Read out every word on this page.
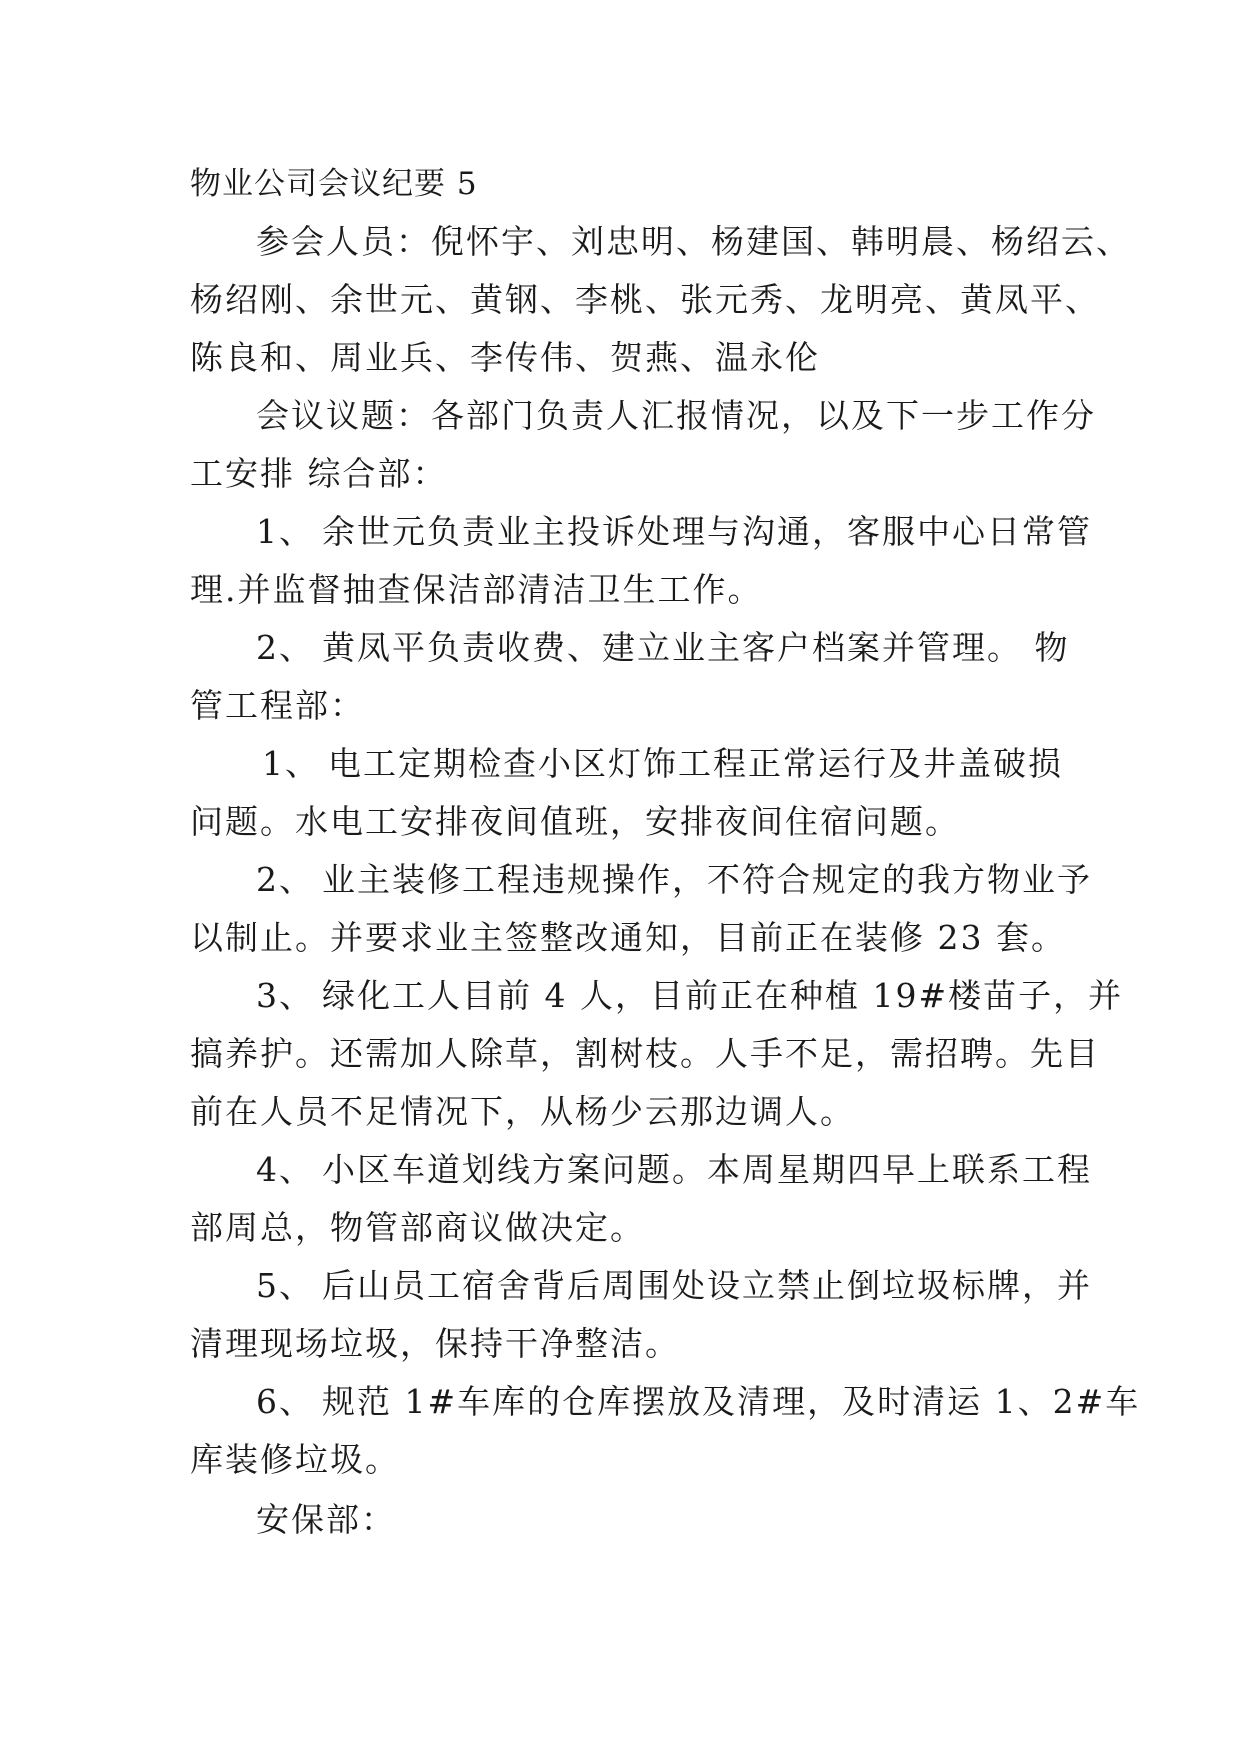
物业公司会议纪要 5
参会人员：倪怀宇、刘忠明、杨建国、韩明晨、杨绍云、
杨绍刚、余世元、黄钢、李桃、张元秀、龙明亮、黄凤平、
陈良和、周业兵、李传伟、贺燕、温永伦
会议议题：各部门负责人汇报情况，以及下一步工作分
工安排 综合部：
1、 余世元负责业主投诉处理与沟通，客服中心日常管
理.并监督抽查保洁部清洁卫生工作。
2、 黄凤平负责收费、建立业主客户档案并管理。 物
管工程部：
1、 电工定期检查小区灯饰工程正常运行及井盖破损
问题。水电工安排夜间值班，安排夜间住宿问题。
2、 业主装修工程违规操作，不符合规定的我方物业予
以制止。并要求业主签整改通知，目前正在装修 23 套。
3、 绿化工人目前 4 人，目前正在种植 19#楼苗子，并
搞养护。还需加人除草，割树枝。人手不足，需招聘。先目
前在人员不足情况下，从杨少云那边调人。
4、 小区车道划线方案问题。本周星期四早上联系工程
部周总，物管部商议做决定。
5、 后山员工宿舍背后周围处设立禁止倒垃圾标牌，并
清理现场垃圾，保持干净整洁。
6、 规范 1#车库的仓库摆放及清理，及时清运 1、2#车
库装修垃圾。
安保部：
